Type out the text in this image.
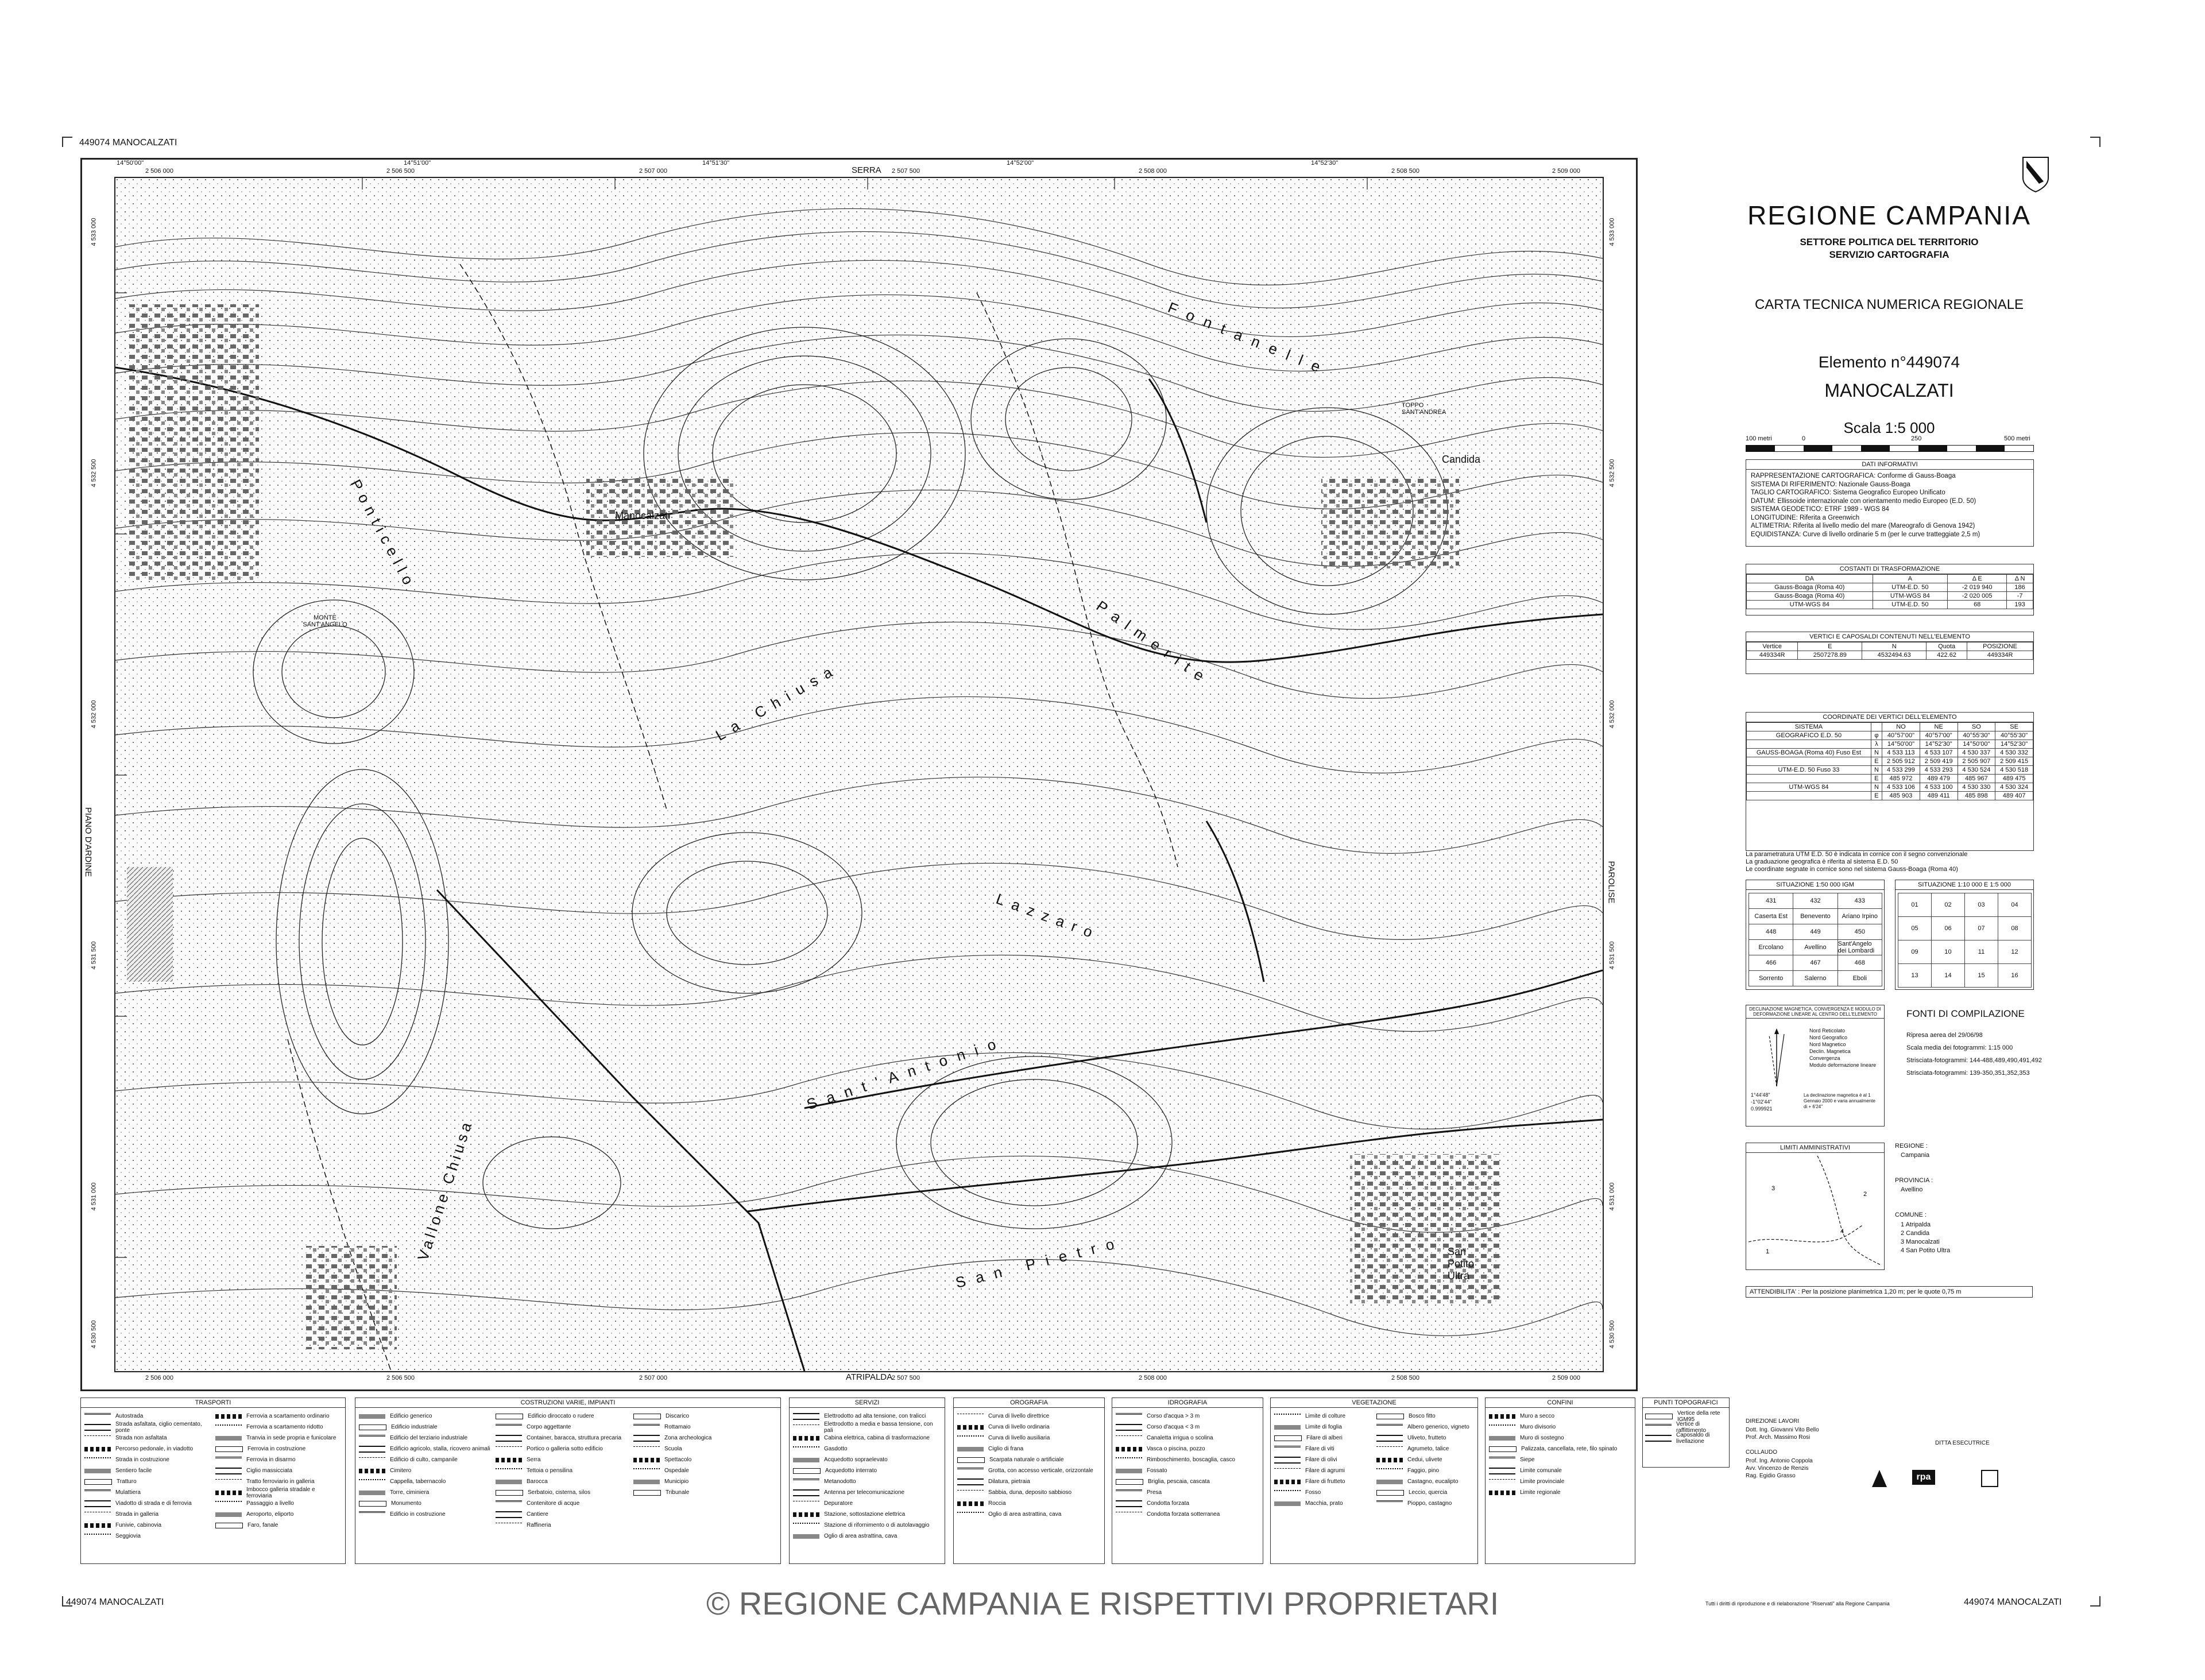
449074 MANOCALZATI
449074 MANOCALZATI	449074 MANOCALZATI
Manocalzati
MONTE SANT'ANGELO
Candida
TOPPO SANT'ANDREA
San Potito Ultra
Vallone Chiusa
Ponticello
La Chiusa
Sant'Antonio
San Pietro
Lazzaro
Palmerite
Fontanelle
2 506 000	2 506 500	2 507 000	2 507 500	2 508 000	2 508 500	2 509 000
14°50'00"	14°51'00"	14°51'30"	14°52'00"	14°52'30"
SERRA
2 506 000	2 506 500	2 507 000	2 507 500	2 508 000	2 508 500	2 509 000
ATRIPALDA
4 533 000
4 532 500
4 532 000
4 531 500
4 531 000
4 530 500
PIANO D'ARDINE
4 533 000
4 532 500
4 532 000
4 531 500
4 531 000
4 530 500
PAROLISE
TRASPORTI
Autostrada
Strada asfaltata, ciglio cementato, ponte
Strada non asfaltata
Percorso pedonale, in viadotto
Strada in costruzione
Sentiero facile
Tratturo
Mulattiera
Viadotto di strada e di ferrovia
Strada in galleria
Funivie, cabinovia
Seggiovia
Ferrovia a scartamento ordinario
Ferrovia a scartamento ridotto
Tranvia in sede propria e funicolare
Ferrovia in costruzione
Ferrovia in disarmo
Ciglio massicciata
Tratto ferroviario in galleria
Imbocco galleria stradale e ferroviaria
Passaggio a livello
Aeroporto, eliporto
Faro, fanale
COSTRUZIONI VARIE, IMPIANTI
Edificio generico
Edificio industriale
Edificio del terziario industriale
Edificio agricolo, stalla, ricovero animali
Edificio di culto, campanile
Cimitero
Cappella, tabernacolo
Torre, ciminiera
Monumento
Edificio in costruzione
Edificio diroccato o rudere
Corpo aggettante
Container, baracca, struttura precaria
Portico o galleria sotto edificio
Serra
Tettoia o pensilina
Barocca
Serbatoio, cisterna, silos
Contenitore di acque
Cantiere
Raffineria
Discarico
Rottamaio
Zona archeologica
Scuola
Spettacolo
Ospedale
Municipio
Tribunale
SERVIZI
Elettrodotto ad alta tensione, con tralicci
Elettrodotto a media e bassa tensione, con pali
Cabina elettrica, cabina di trasformazione
Gasdotto
Acquedotto sopraelevato
Acquedotto interrato
Metanodotto
Antenna per telecomunicazione
Depuratore
Stazione, sottostazione elettrica
Stazione di rifornimento o di autolavaggio
Oglio di area astrattina, cava
OROGRAFIA
Curva di livello direttrice
Curva di livello ordinaria
Curva di livello ausiliaria
Ciglio di frana
Scarpata naturale o artificiale
Grotta, con accesso verticale, orizzontale
Dilatura, pietraia
Sabbia, duna, deposito sabbioso
Roccia
Oglio di area astrattina, cava
IDROGRAFIA
Corso d'acqua > 3 m
Corso d'acqua < 3 m
Canaletta irrigua o scolina
Vasca o piscina, pozzo
Rimboschimento, boscaglia, casco
Fossato
Briglia, pescaia, cascata
Presa
Condotta forzata
Condotta forzata sotterranea
VEGETAZIONE
Limite di colture
Limite di foglia
Filare di alberi
Filare di viti
Filare di olivi
Filare di agrumi
Filare di frutteto
Fosso
Macchia, prato
Bosco fitto
Albero generico, vigneto
Uliveto, frutteto
Agrumeto, talice
Cedui, ulivete
Faggio, pino
Castagno, eucalipto
Leccio, quercia
Pioppo, castagno
CONFINI
Muro a secco
Muro divisorio
Muro di sostegno
Palizzata, cancellata, rete, filo spinato
Siepe
Limite comunale
Limite provinciale
Limite regionale
PUNTI TOPOGRAFICI
Vertice della rete IGM95
Vertice di raffittimento
Caposaldo di livellazione
REGIONE CAMPANIA
SETTORE POLITICA DEL TERRITORIO
SERVIZIO CARTOGRAFIA
CARTA TECNICA NUMERICA REGIONALE
Elemento n°449074
MANOCALZATI
Scala 1:5 000
100 metri	0	250	500 metri
DATI INFORMATIVI
RAPPRESENTAZIONE CARTOGRAFICA: Conforme di Gauss-Boaga
SISTEMA DI RIFERIMENTO: Nazionale Gauss-Boaga
TAGLIO CARTOGRAFICO: Sistema Geografico Europeo Unificato
DATUM: Ellissoide internazionale con orientamento medio Europeo (E.D. 50)
SISTEMA GEODETICO: ETRF 1989 - WGS 84
LONGITUDINE: Riferita a Greenwich
ALTIMETRIA: Riferita al livello medio del mare (Mareografo di Genova 1942)
EQUIDISTANZA: Curve di livello ordinarie 5 m (per le curve tratteggiate 2,5 m)
COSTANTI DI TRASFORMAZIONE
DA	A	Δ E	Δ N
Gauss-Boaga (Roma 40)	UTM-E.D. 50	-2 019 940	186
Gauss-Boaga (Roma 40)	UTM-WGS 84	-2 020 005	-7
UTM-WGS 84	UTM-E.D. 50	68	193
VERTICI E CAPOSALDI CONTENUTI NELL'ELEMENTO
Vertice	E	N	Quota	POSIZIONE
449334R	2507278.89	4532494.63	422.62	449334R
COORDINATE DEI VERTICI DELL'ELEMENTO
SISTEMA		NO	NE	SO	SE
GEOGRAFICO E.D. 50	φ	40°57'00"	40°57'00"	40°55'30"	40°55'30"
	λ	14°50'00"	14°52'30"	14°50'00"	14°52'30"
GAUSS-BOAGA (Roma 40) Fuso Est	N	4 533 113	4 533 107	4 530 337	4 530 332
	E	2 505 912	2 509 419	2 505 907	2 509 415
UTM-E.D. 50 Fuso 33	N	4 533 299	4 533 293	4 530 524	4 530 518
	E	485 972	489 479	485 967	489 475
UTM-WGS 84	N	4 533 106	4 533 100	4 530 330	4 530 324
	E	485 903	489 411	485 898	489 407
La parametratura UTM E.D. 50 è indicata in cornice con il segno convenzionale
La graduazione geografica è riferita al sistema E.D. 50
Le coordinate segnate in cornice sono nel sistema Gauss-Boaga (Roma 40)
SITUAZIONE 1:50 000 IGM
431	432	433
Caserta Est	Benevento	Ariano Irpino
448	449	450
Ercolano	Avellino	Sant'Angelo dei Lombardi
466	467	468
Sorrento	Salerno	Eboli
SITUAZIONE 1:10 000 E 1:5 000
01	02	03	04
05	06	07	08
09	10	11	12
13	14	15	16
DECLINAZIONE MAGNETICA, CONVERGENZA E MODULO DI DEFORMAZIONE LINEARE AL CENTRO DELL'ELEMENTO
Nord Reticolato
Nord Geografico
Nord Magnetico
Declin. Magnetica
Convergenza
Modulo deformazione lineare
1°44'48"
-1°02'44"
0.999921
La declinazione magnetica è al 1 Gennaio 2000 e varia annualmente di + 6'24"
FONTI DI COMPILAZIONE
Ripresa aerea del 29/06/98
Scala media dei fotogrammi: 1:15 000
Strisciata-fotogrammi: 144-488,489,490,491,492
Strisciata-fotogrammi: 139-350,351,352,353
LIMITI AMMINISTRATIVI
3
4
1
2
REGIONE :
Campania
PROVINCIA :
Avellino
COMUNE :
1 Atripalda
2 Candida
3 Manocalzati
4 San Potito Ultra
ATTENDIBILITA' : Per la posizione planimetrica 1,20 m; per le quote 0,75 m
DIREZIONE LAVORI
Dott. Ing. Giovanni Vito Bello
Prof. Arch. Massimo Rosi
COLLAUDO
Prof. Ing. Antonio Coppola
Avv. Vincenzo de Renzis
Rag. Egidio Grasso
DITTA ESECUTRICE
rpa
Tutti i diritti di riproduzione e di rielaborazione "Riservati" alla Regione Campania
© REGIONE CAMPANIA E RISPETTIVI PROPRIETARI
